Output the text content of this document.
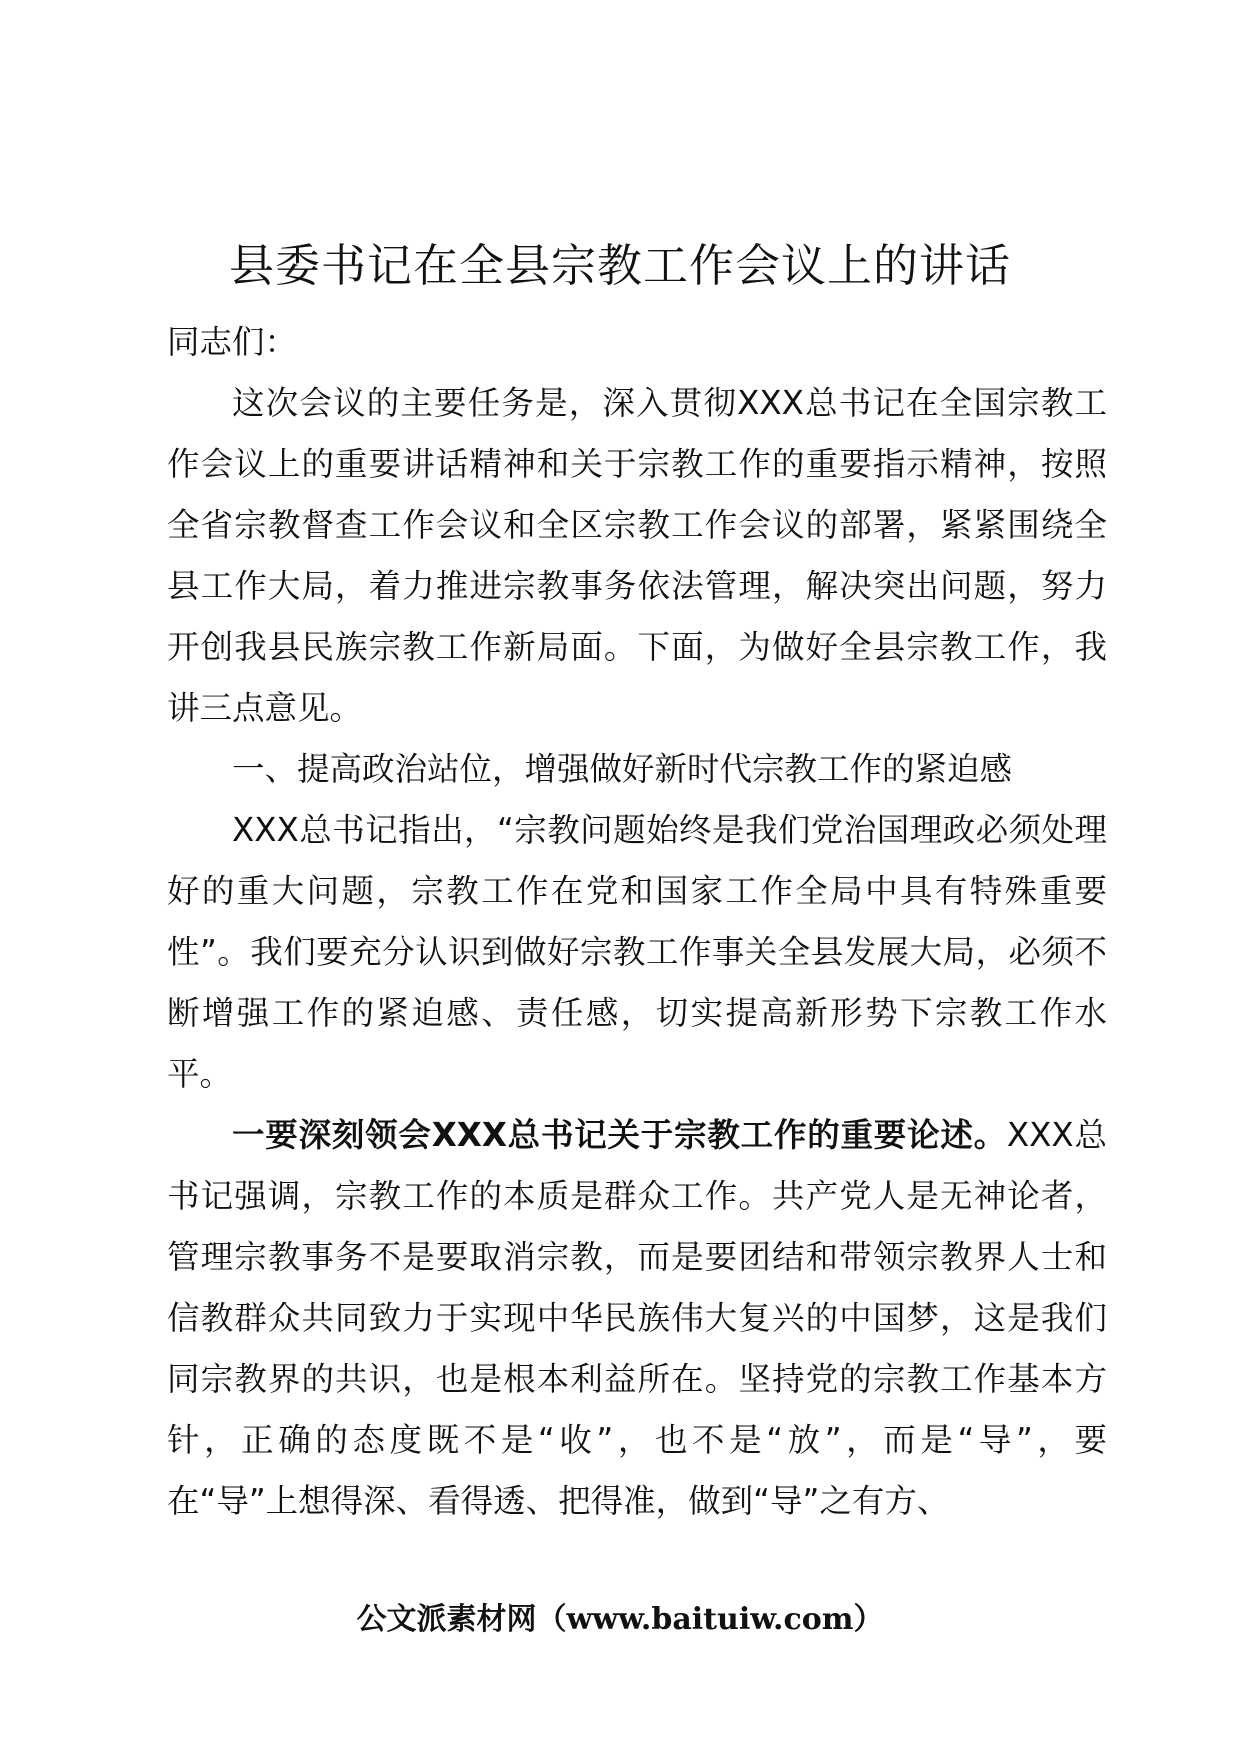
县委书记在全县宗教工作会议上的讲话

同志们：

这次会议的主要任务是，深入贯彻XXX总书记在全国宗教工作会议上的重要讲话精神和关于宗教工作的重要指示精神，按照全省宗教督查工作会议和全区宗教工作会议的部署，紧紧围绕全县工作大局，着力推进宗教事务依法管理，解决突出问题，努力开创我县民族宗教工作新局面。下面，为做好全县宗教工作，我讲三点意见。

一、提高政治站位，增强做好新时代宗教工作的紧迫感

XXX总书记指出，“宗教问题始终是我们党治国理政必须处理好的重大问题，宗教工作在党和国家工作全局中具有特殊重要性”。我们要充分认识到做好宗教工作事关全县发展大局，必须不断增强工作的紧迫感、责任感，切实提高新形势下宗教工作水平。

一要深刻领会XXX总书记关于宗教工作的重要论述。XXX总书记强调，宗教工作的本质是群众工作。共产党人是无神论者，管理宗教事务不是要取消宗教，而是要团结和带领宗教界人士和信教群众共同致力于实现中华民族伟大复兴的中国梦，这是我们同宗教界的共识，也是根本利益所在。坚持党的宗教工作基本方针，正确的态度既不是“收”，也不是“放”，而是“导”，要在“导”上想得深、看得透、把得准，做到“导”之有方、

公文派素材网（www.baituiw.com）
